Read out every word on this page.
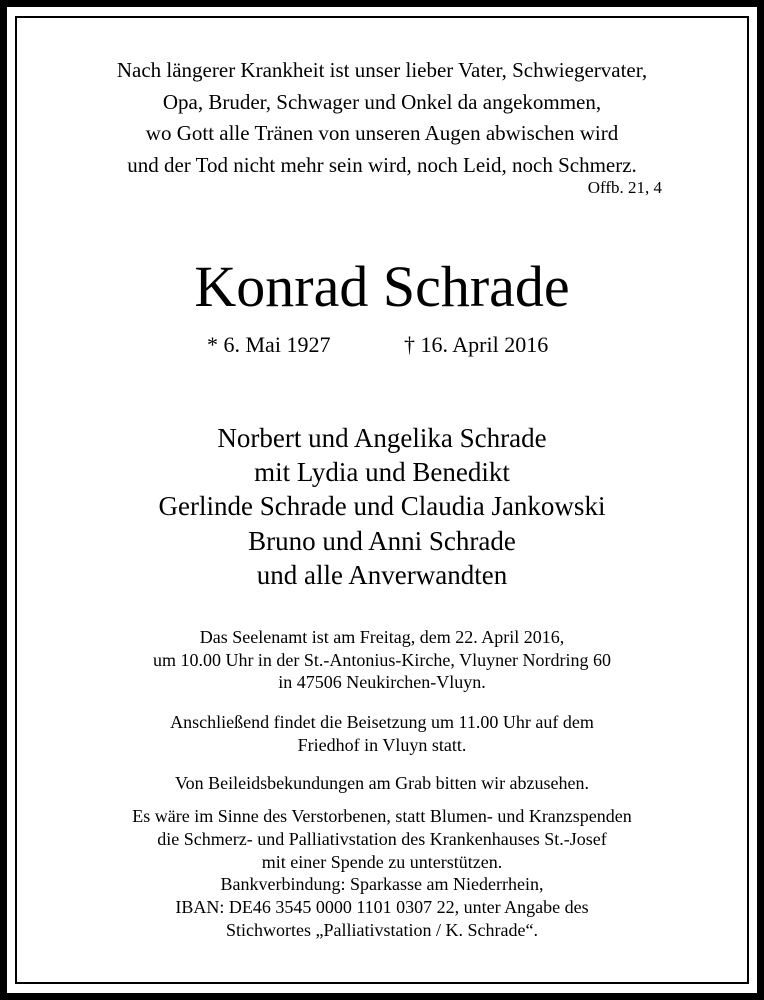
Nach längerer Krankheit ist unser lieber Vater, Schwiegervater,
Opa, Bruder, Schwager und Onkel da angekommen,
wo Gott alle Tränen von unseren Augen abwischen wird
und der Tod nicht mehr sein wird, noch Leid, noch Schmerz.
Offb. 21, 4
Konrad Schrade
* 6. Mai 1927	† 16. April 2016
Norbert und Angelika Schrade
mit Lydia und Benedikt
Gerlinde Schrade und Claudia Jankowski
Bruno und Anni Schrade
und alle Anverwandten
Das Seelenamt ist am Freitag, dem 22. April 2016,
um 10.00 Uhr in der St.-Antonius-Kirche, Vluyner Nordring 60
in 47506 Neukirchen-Vluyn.
Anschließend findet die Beisetzung um 11.00 Uhr auf dem
Friedhof in Vluyn statt.
Von Beileidsbekundungen am Grab bitten wir abzusehen.
Es wäre im Sinne des Verstorbenen, statt Blumen- und Kranzspenden
die Schmerz- und Palliativstation des Krankenhauses St.-Josef
mit einer Spende zu unterstützen.
Bankverbindung: Sparkasse am Niederrhein,
IBAN: DE46 3545 0000 1101 0307 22, unter Angabe des
Stichwortes „Palliativstation / K. Schrade“.
